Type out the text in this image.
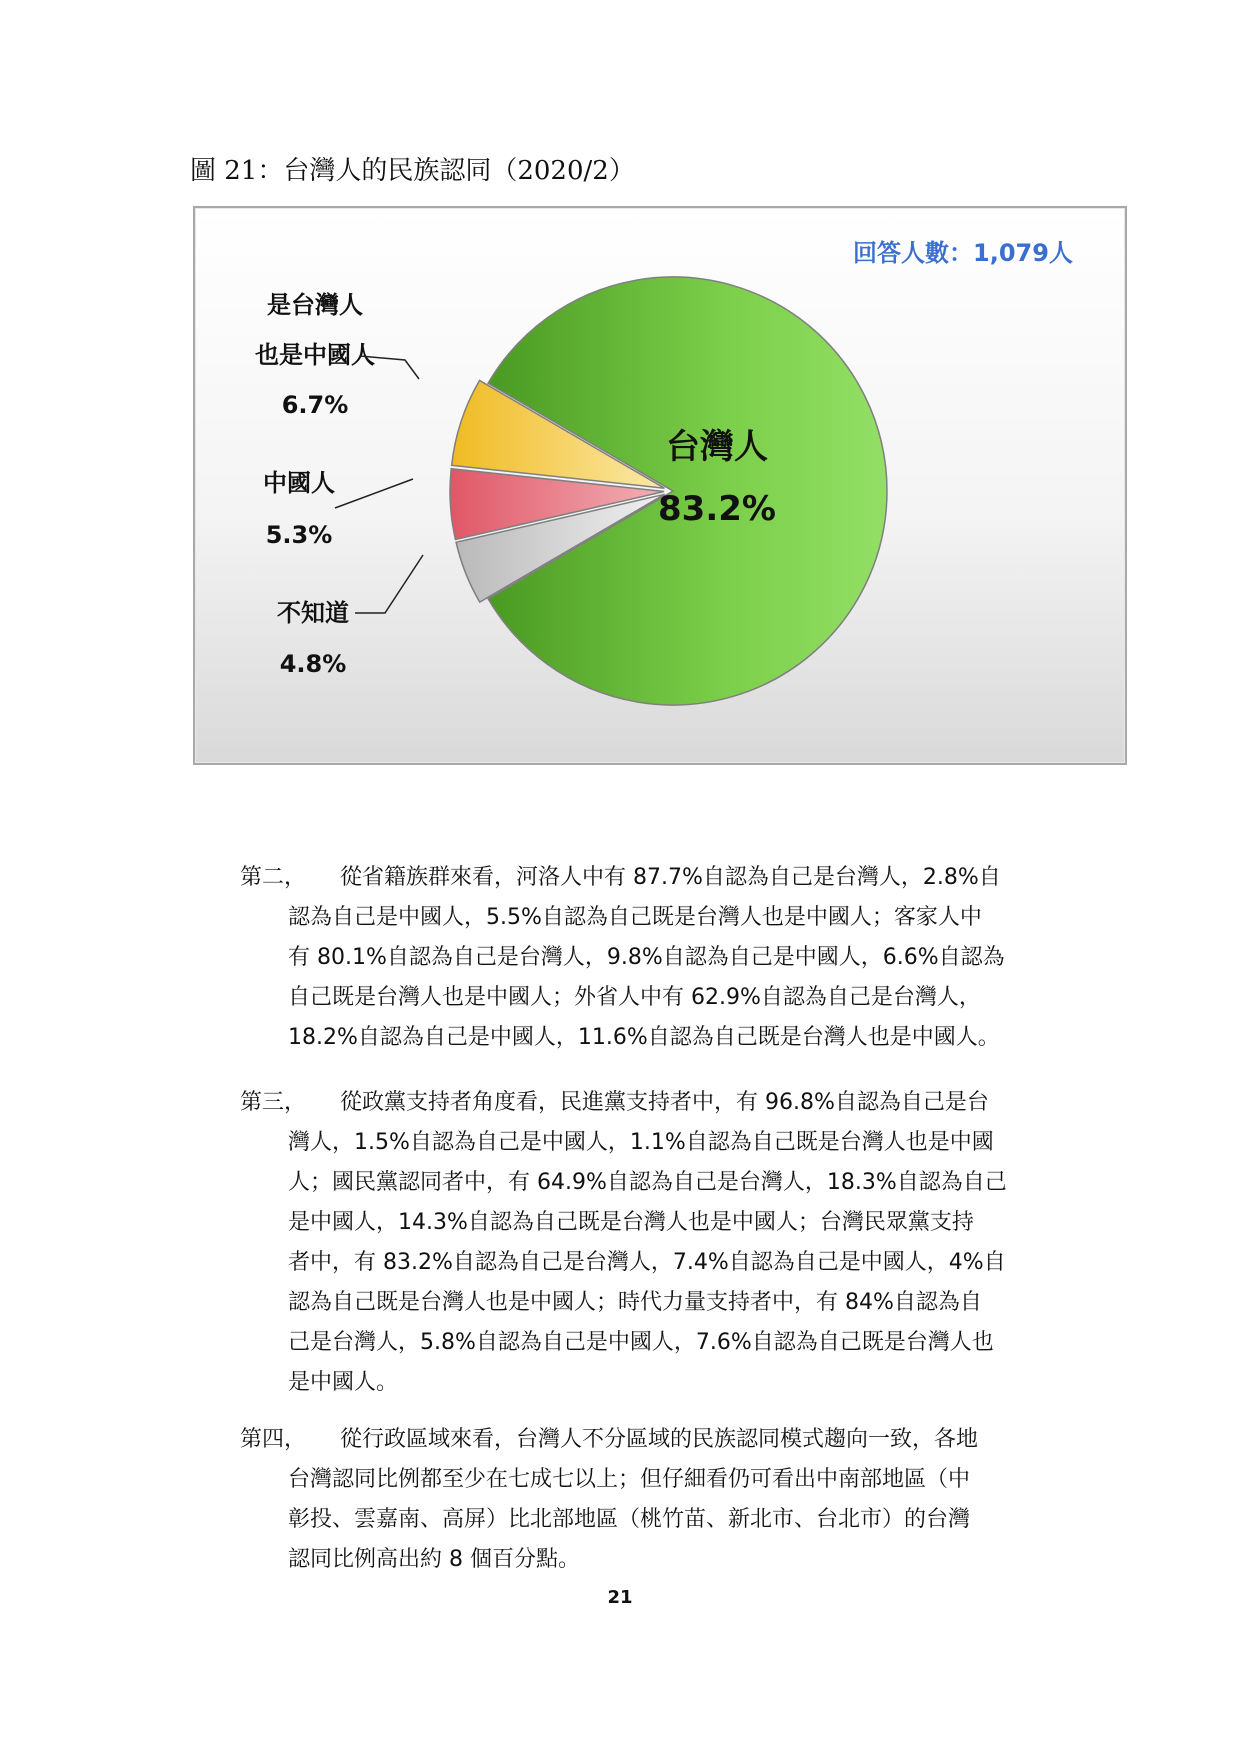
圖 21：台灣人的民族認同（2020/2）
回答人數：1,079人
台灣人
83.2%
是台灣人
也是中國人
6.7%
中國人
5.3%
不知道
4.8%

第二， 從省籍族群來看，河洛人中有 87.7%自認為自己是台灣人，2.8%自

認為自己是中國人，5.5%自認為自己既是台灣人也是中國人；客家人中
有 80.1%自認為自己是台灣人，9.8%自認為自己是中國人，6.6%自認為
自己既是台灣人也是中國人；外省人中有 62.9%自認為自己是台灣人，
18.2%自認為自己是中國人，11.6%自認為自己既是台灣人也是中國人。

第三， 從政黨支持者角度看，民進黨支持者中，有 96.8%自認為自己是台

灣人，1.5%自認為自己是中國人，1.1%自認為自己既是台灣人也是中國
人；國民黨認同者中，有 64.9%自認為自己是台灣人，18.3%自認為自己
是中國人，14.3%自認為自己既是台灣人也是中國人；台灣民眾黨支持
者中，有 83.2%自認為自己是台灣人，7.4%自認為自己是中國人，4%自
認為自己既是台灣人也是中國人；時代力量支持者中，有 84%自認為自
己是台灣人，5.8%自認為自己是中國人，7.6%自認為自己既是台灣人也
是中國人。

第四， 從行政區域來看，台灣人不分區域的民族認同模式趨向一致，各地

台灣認同比例都至少在七成七以上；但仔細看仍可看出中南部地區（中
彰投、雲嘉南、高屏）比北部地區（桃竹苗、新北市、台北市）的台灣
認同比例高出約 8 個百分點。
21
